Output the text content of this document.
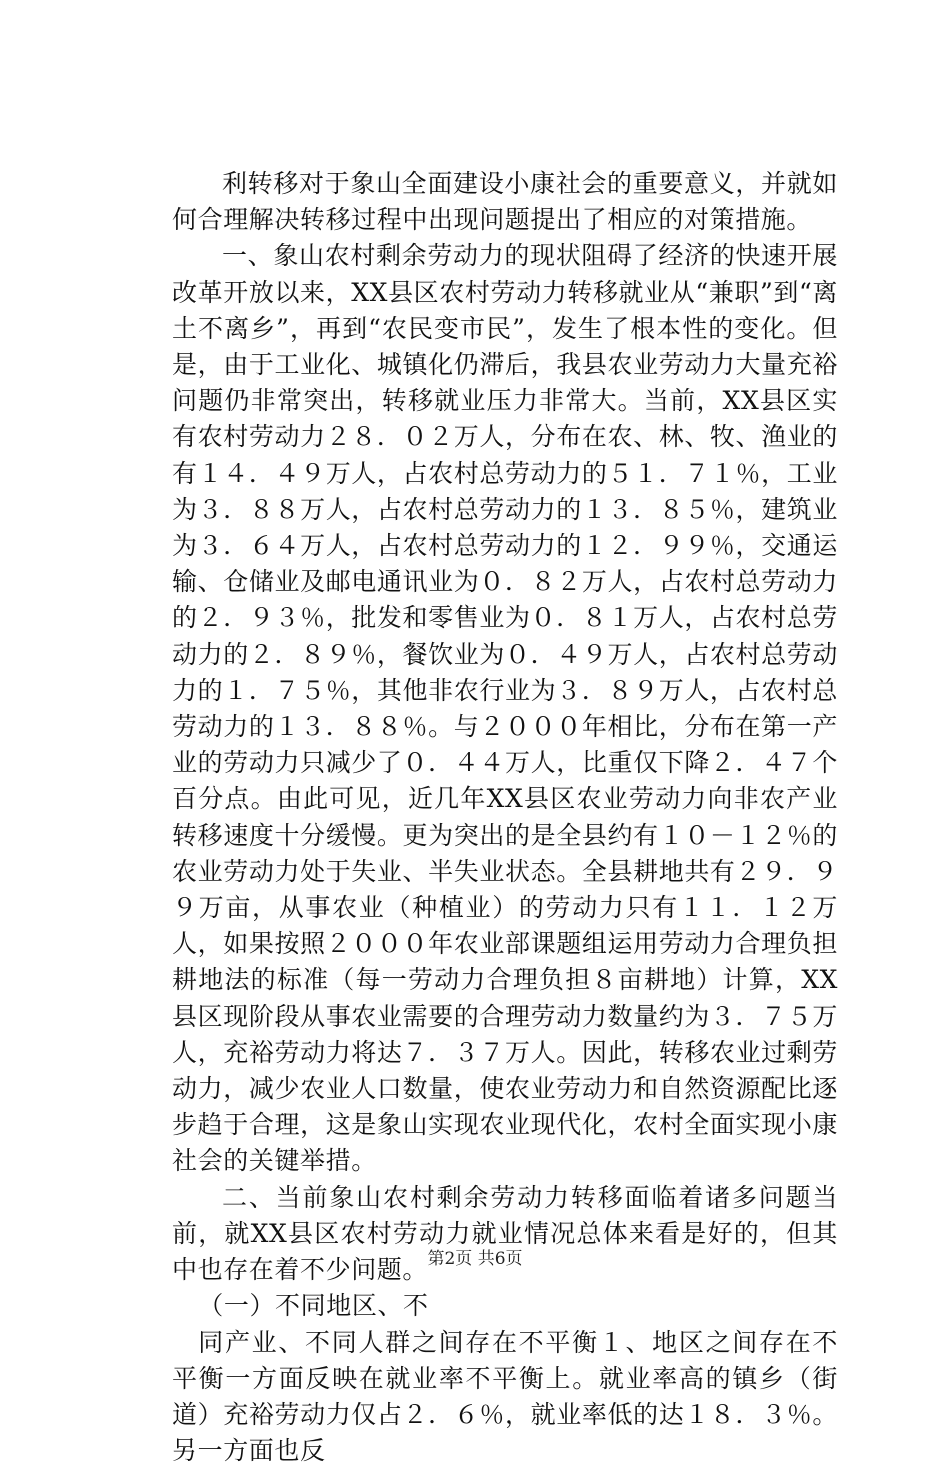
利转移对于象山全面建设小康社会的重要意义，并就如何合理解决转移过程中出现问题提出了相应的对策措施。

一、象山农村剩余劳动力的现状阻碍了经济的快速开展改革开放以来，XX县区农村劳动力转移就业从“兼职”到“离土不离乡”，再到“农民变市民”，发生了根本性的变化。但是，由于工业化、城镇化仍滞后，我县农业劳动力大量充裕问题仍非常突出，转移就业压力非常大。当前，XX县区实有农村劳动力２８．０２万人，分布在农、林、牧、渔业的有１４．４９万人，占农村总劳动力的５１．７１％，工业为３．８８万人，占农村总劳动力的１３．８５％，建筑业为３．６４万人，占农村总劳动力的１２．９９％，交通运输、仓储业及邮电通讯业为０．８２万人，占农村总劳动力的２．９３％，批发和零售业为０．８１万人，占农村总劳动力的２．８９％，餐饮业为０．４９万人，占农村总劳动力的１．７５％，其他非农行业为３．８９万人，占农村总劳动力的１３．８８％。与２０００年相比，分布在第一产业的劳动力只减少了０．４４万人，比重仅下降２．４７个百分点。由此可见，近几年XX县区农业劳动力向非农产业转移速度十分缓慢。更为突出的是全县约有１０－１２％的农业劳动力处于失业、半失业状态。全县耕地共有２９．９９万亩，从事农业（种植业）的劳动力只有１１．１２万人，如果按照２０００年农业部课题组运用劳动力合理负担耕地法的标准（每一劳动力合理负担８亩耕地）计算，XX县区现阶段从事农业需要的合理劳动力数量约为３．７５万人，充裕劳动力将达７．３７万人。因此，转移农业过剩劳动力，减少农业人口数量，使农业劳动力和自然资源配比逐步趋于合理，这是象山实现农业现代化，农村全面实现小康社会的关键举措。

二、当前象山农村剩余劳动力转移面临着诸多问题当前，就XX县区农村劳动力就业情况总体来看是好的，但其中也存在着不少问题。

（一）不同地区、不

同产业、不同人群之间存在不平衡１、地区之间存在不平衡一方面反映在就业率不平衡上。就业率高的镇乡（街道）充裕劳动力仅占２．６％，就业率低的达１８．３％。另一方面也反

第2页 共6页
